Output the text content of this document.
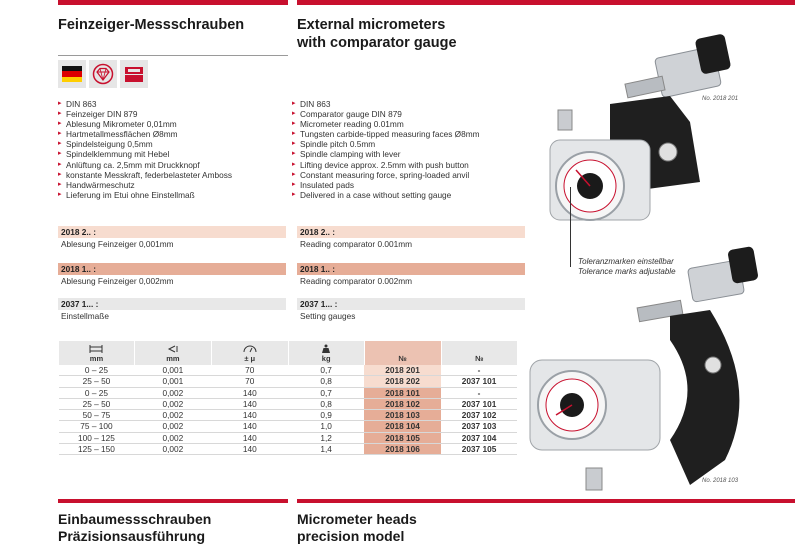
Feinzeiger-Messschrauben	External micrometers
with comparator gauge
▸ DIN 863
▸ Feinzeiger DIN 879
▸ Ablesung Mikrometer 0,01mm
▸ Hartmetallmessflächen Ø8mm
▸ Spindelsteigung 0,5mm
▸ Spindelklemmung mit Hebel
▸ Anlüftung ca. 2,5mm mit Druckknopf
▸ konstante Messkraft, federbelasteter Amboss
▸ Handwärmeschutz
▸ Lieferung im Etui ohne Einstellmaß
▸ DIN 863
▸ Comparator gauge DIN 879
▸ Micrometer reading 0.01mm
▸ Tungsten carbide-tipped measuring faces Ø8mm
▸ Spindle pitch 0.5mm
▸ Spindle clamping with lever
▸ Lifting device approx. 2.5mm with push button
▸ Constant measuring force, spring-loaded anvil
▸ Insulated pads
▸ Delivered in a case without setting gauge
2018 2.. :
Ablesung Feinzeiger 0,001mm
2018 2.. :
Reading comparator 0.001mm
2018 1.. :
Ablesung Feinzeiger 0,002mm
2018 1.. :
Reading comparator 0.002mm
2037 1... :
Einstellmaße
2037 1... :
Setting gauges
mm	mm	± μ	kg	№	№
0 – 25	0,001	70	0,7	2018 201	-
25 – 50	0,001	70	0,8	2018 202	2037 101
0 – 25	0,002	140	0,7	2018 101	-
25 – 50	0,002	140	0,8	2018 102	2037 101
50 – 75	0,002	140	0,9	2018 103	2037 102
75 – 100	0,002	140	1,0	2018 104	2037 103
100 – 125	0,002	140	1,2	2018 105	2037 104
125 – 150	0,002	140	1,4	2018 106	2037 105
No. 2018 201
No. 2018 103
Toleranzmarken einstellbar
Tolerance marks adjustable
Einbaumessschrauben
Präzisionsausführung
Micrometer heads
precision model
